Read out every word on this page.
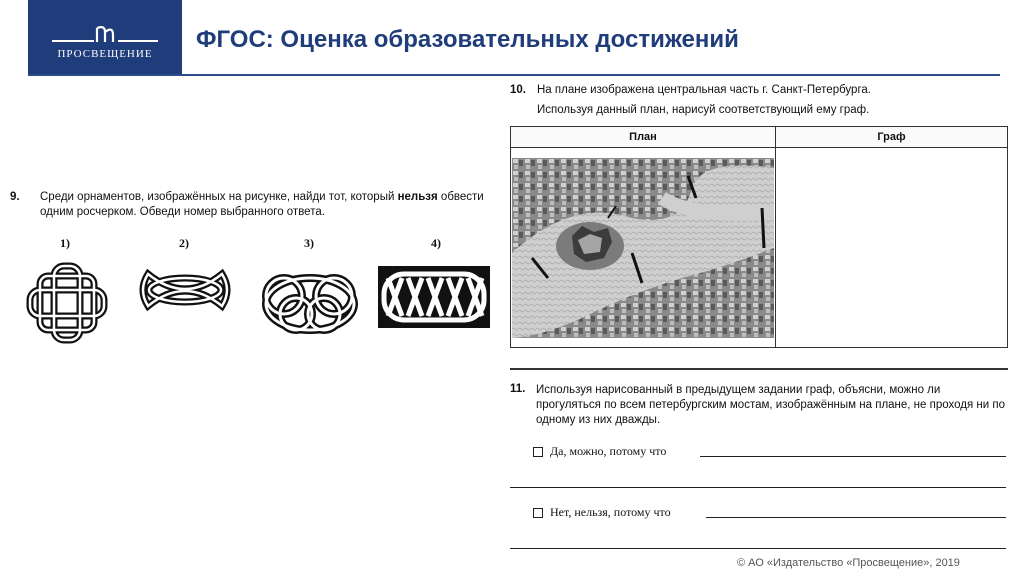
ПРОСВЕЩЕНИЕ
ФГОС: Оценка образовательных достижений
9. Среди орнаментов, изображённых на рисунке, найди тот, который нельзя обвести одним росчерком. Обведи номер выбранного ответа.
1)	2)	3)	4)
10. На плане изображена центральная часть г. Санкт-Петербурга.
Используя данный план, нарисуй соответствующий ему граф.
План	Граф

11. Используя нарисованный в предыдущем задании граф, объясни, можно ли прогуляться по всем петербургским мостам, изображённым на плане, не проходя ни по одному из них дважды.
Да, можно, потому что
Нет, нельзя, потому что
© АО «Издательство «Просвещение», 2019
